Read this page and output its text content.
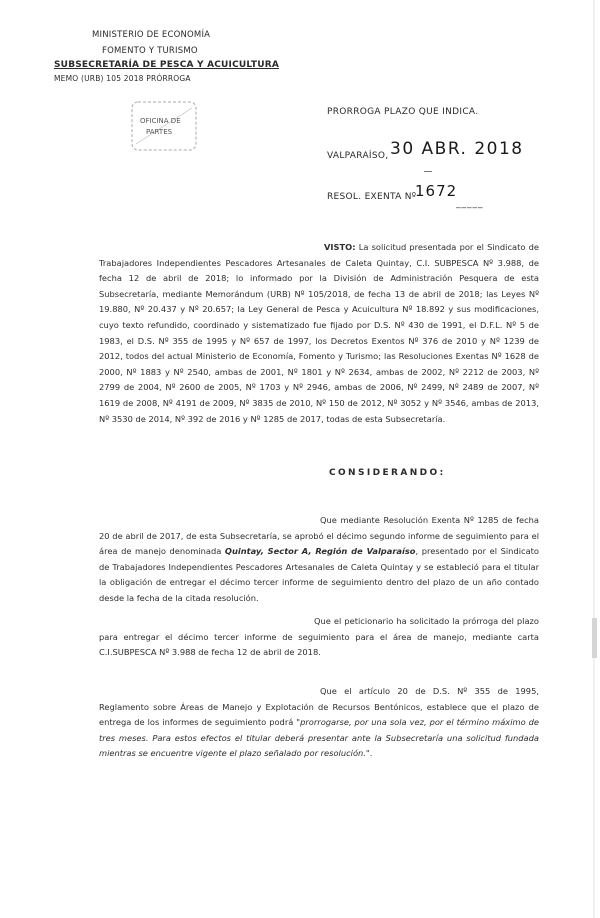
MINISTERIO DE ECONOMÍA
FOMENTO Y TURISMO
SUBSECRETARÍA DE PESCA Y ACUICULTURA
MEMO (URB) 105 2018 PRÓRROGA
OFICINA DE
PARTES
PRORROGA PLAZO QUE INDICA.
VALPARAÍSO, 30 ABR. 2018
RESOL. EXENTA Nº
1672
_____
VISTO: La solicitud presentada por el Sindicato de Trabajadores Independientes Pescadores Artesanales de Caleta Quintay, C.I. SUBPESCA Nº 3.988, de fecha 12 de abril de 2018; lo informado por la División de Administración Pesquera de esta Subsecretaría, mediante Memorándum (URB) Nº 105/2018, de fecha 13 de abril de 2018; las Leyes Nº 19.880, Nº 20.437 y Nº 20.657; la Ley General de Pesca y Acuicultura Nº 18.892 y sus modificaciones, cuyo texto refundido, coordinado y sistematizado fue fijado por D.S. Nº 430 de 1991, el D.F.L. Nº 5 de 1983, el D.S. Nº 355 de 1995 y Nº 657 de 1997, los Decretos Exentos Nº 376 de 2010 y Nº 1239 de 2012, todos del actual Ministerio de Economía, Fomento y Turismo; las Resoluciones Exentas Nº 1628 de 2000, Nº 1883 y Nº 2540, ambas de 2001, Nº 1801 y Nº 2634, ambas de 2002, Nº 2212 de 2003, Nº 2799 de 2004, Nº 2600 de 2005, Nº 1703 y Nº 2946, ambas de 2006, Nº 2499, Nº 2489 de 2007, Nº 1619 de 2008, Nº 4191 de 2009, Nº 3835 de 2010, Nº 150 de 2012, Nº 3052 y Nº 3546, ambas de 2013, Nº 3530 de 2014, Nº 392 de 2016 y Nº 1285 de 2017, todas de esta Subsecretaría.
CONSIDERANDO:
Que mediante Resolución Exenta Nº 1285 de fecha 20 de abril de 2017, de esta Subsecretaría, se aprobó el décimo segundo informe de seguimiento para el área de manejo denominada Quintay, Sector A, Región de Valparaíso, presentado por el Sindicato de Trabajadores Independientes Pescadores Artesanales de Caleta Quintay y se estableció para el titular la obligación de entregar el décimo tercer informe de seguimiento dentro del plazo de un año contado desde la fecha de la citada resolución.
Que el peticionario ha solicitado la prórroga del plazo para entregar el décimo tercer informe de seguimiento para el área de manejo, mediante carta C.I.SUBPESCA Nº 3.988 de fecha 12 de abril de 2018.
Que el artículo 20 de D.S. Nº 355 de 1995, Reglamento sobre Áreas de Manejo y Explotación de Recursos Bentónicos, establece que el plazo de entrega de los informes de seguimiento podrá "prorrogarse, por una sola vez, por el término máximo de tres meses. Para estos efectos el titular deberá presentar ante la Subsecretaría una solicitud fundada mientras se encuentre vigente el plazo señalado por resolución.".
